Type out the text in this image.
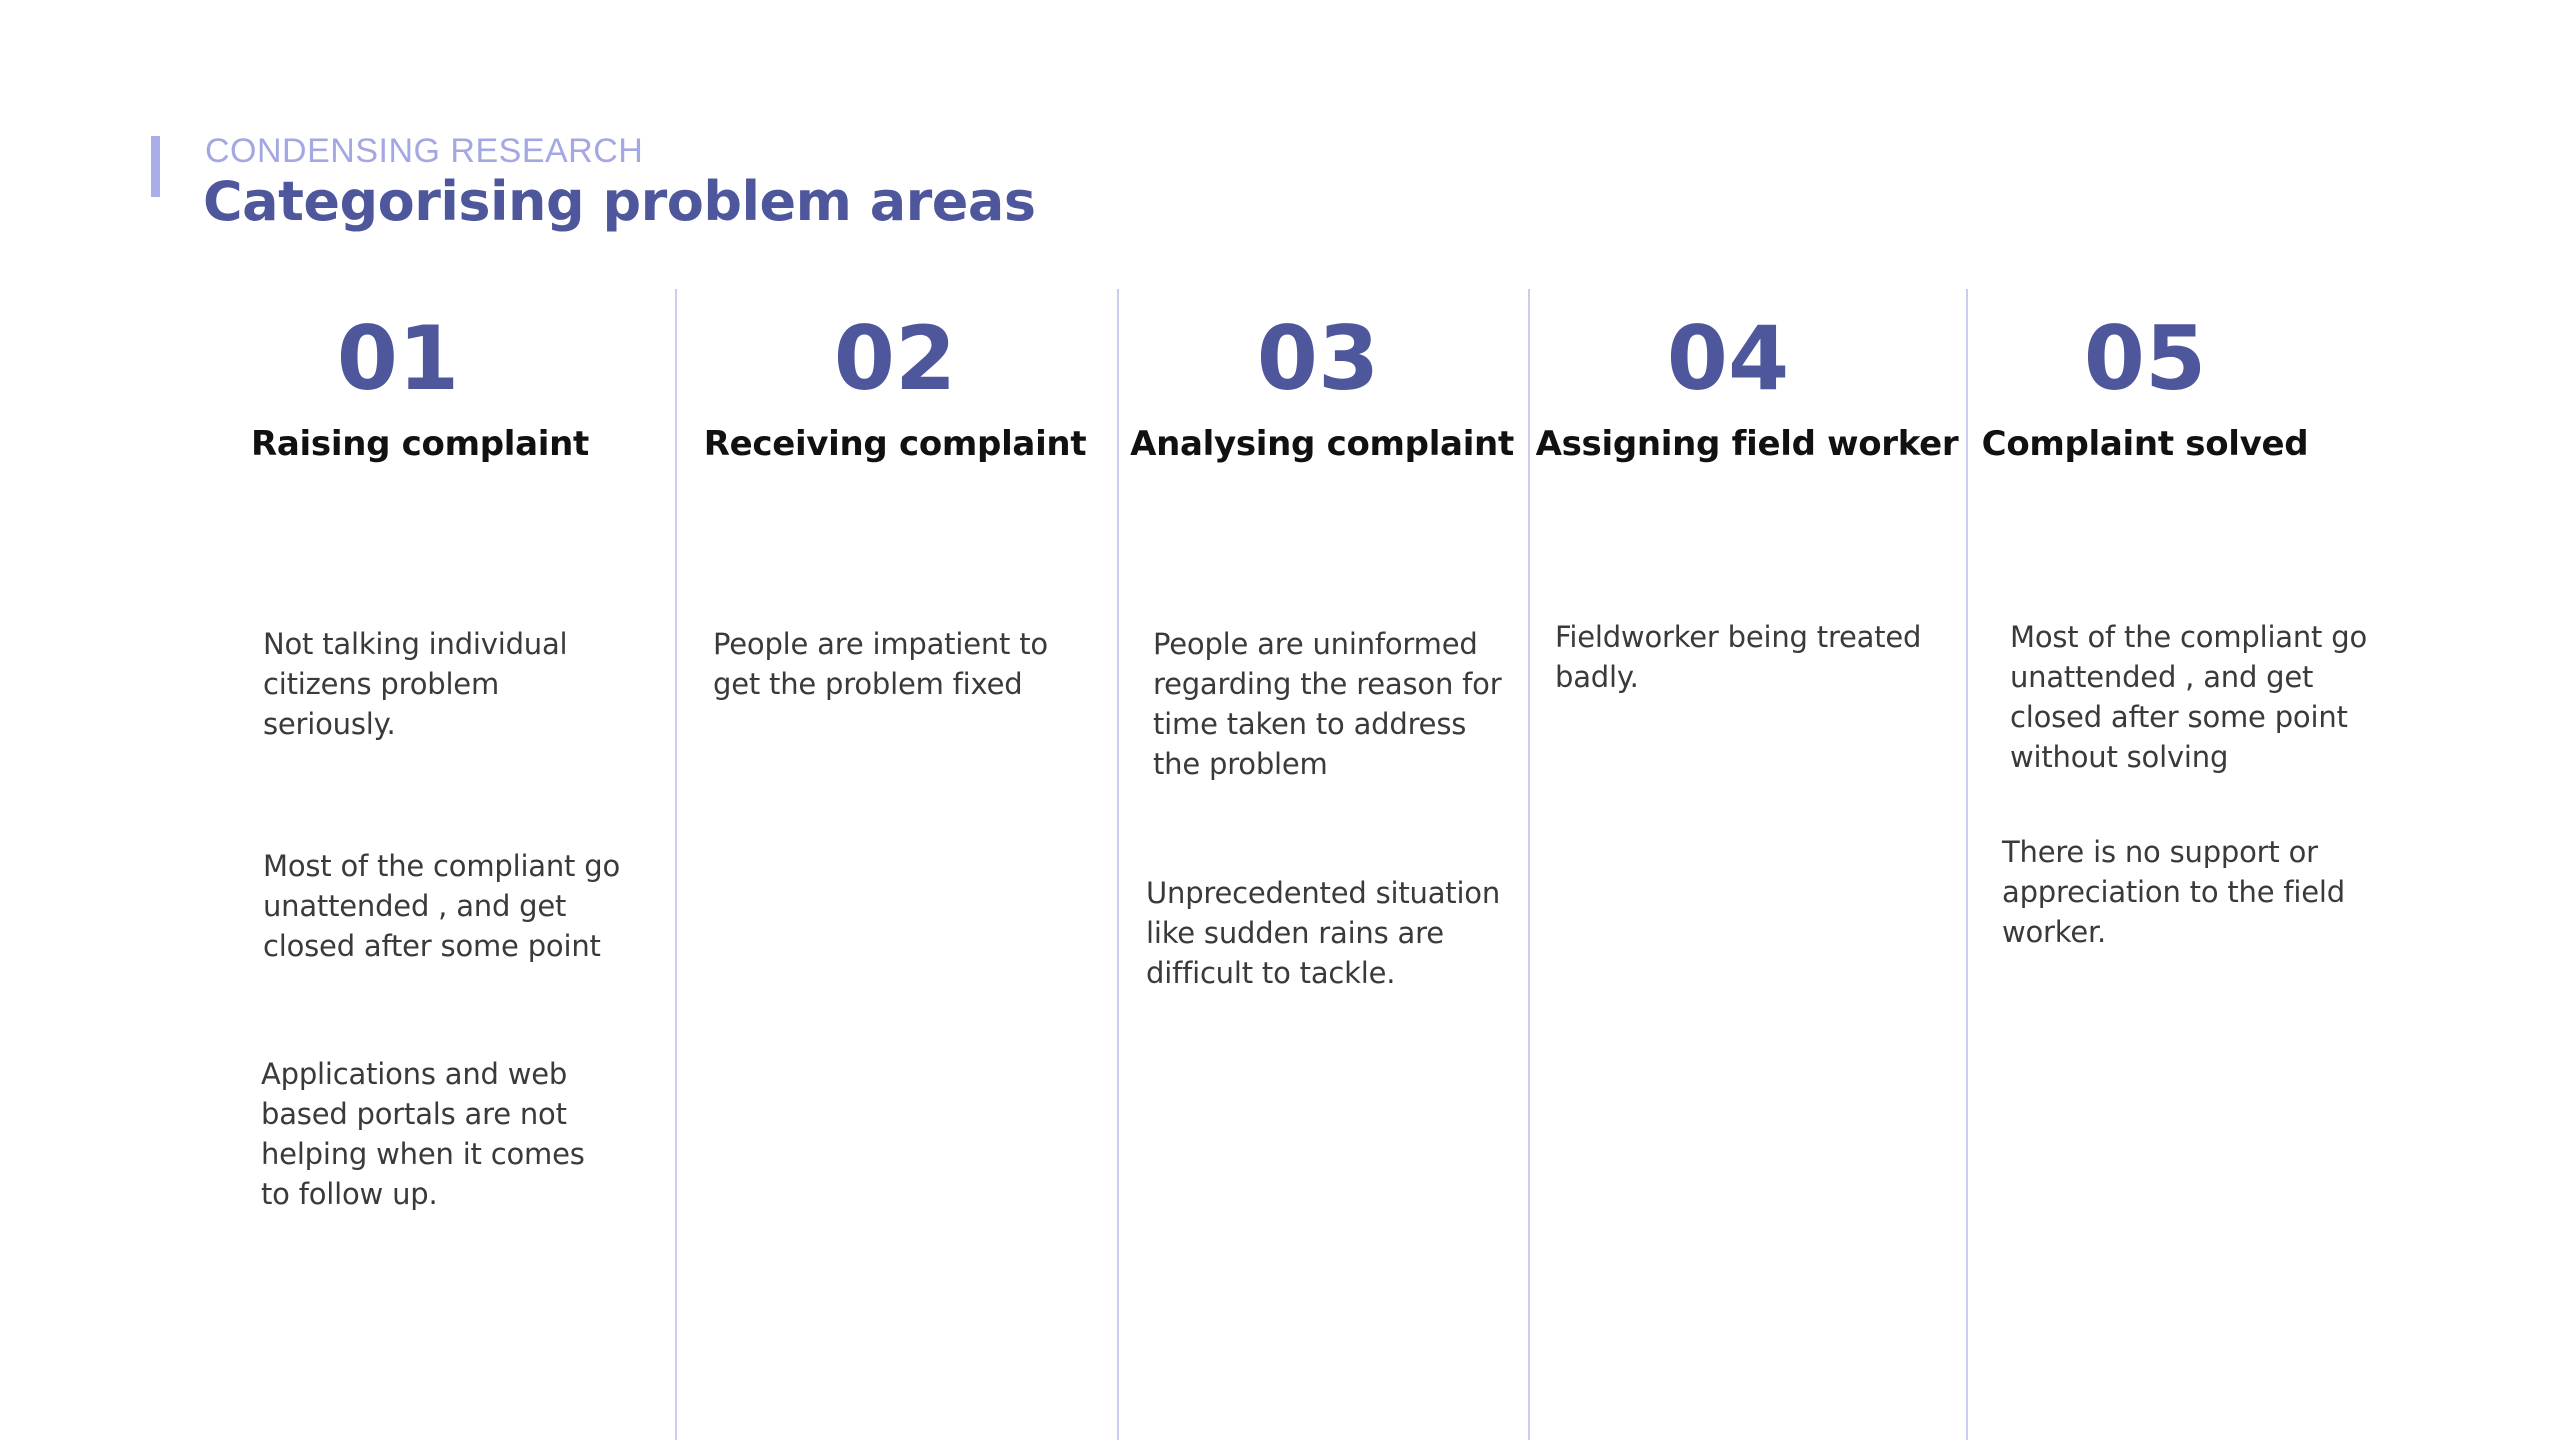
CONDENSING RESEARCH
Categorising problem areas
01
Raising complaint
Not talking individual citizens problem seriously.
Most of the compliant go unattended , and get closed after some point
Applications and web based portals are not helping when it comes to follow up.
02
Receiving complaint
People are impatient to get the problem fixed
03
Analysing complaint
People are uninformed regarding the reason for time taken to address the problem
Unprecedented situation like sudden rains are difficult to tackle.
04
Assigning field worker
Fieldworker being treated badly.
05
Complaint solved
Most of the compliant go unattended , and get closed after some point without solving
There is no support or appreciation to the field worker.
